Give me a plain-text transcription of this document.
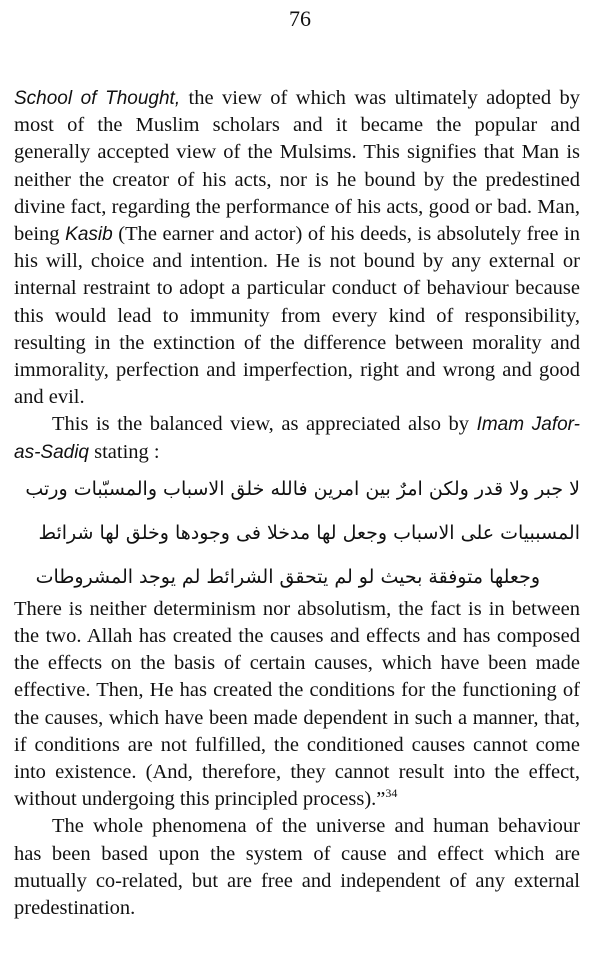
76

School of Thought, the view of which was ultimately adopted by most of the Muslim scholars and it became the popular and generally accepted view of the Mulsims. This signifies that Man is neither the creator of his acts, nor is he bound by the predestined divine fact, regarding the performance of his acts, good or bad. Man, being Kasib (The earner and actor) of his deeds, is absolutely free in his will, choice and intention. He is not bound by any external or internal restraint to adopt a particular conduct of behaviour because this would lead to immunity from every kind of responsibility, resulting in the extinction of the difference between morality and immorality, perfection and imperfection, right and wrong and good and evil.

This is the balanced view, as appreciated also by Imam Jafor-as-Sadiq stating :

لا جبر ولا قدر ولكن امرٌ بين امرين فالله خلق الاسباب والمسبّبات ورتب

المسببيات على الاسباب وجعل لها مدخلا فى وجودها وخلق لها شرائط

وجعلها متوفقة بحيث لو لم يتحقق الشرائط لم يوجد المشروطات

There is neither determinism nor absolutism, the fact is in between the two. Allah has created the causes and effects and has composed the effects on the basis of certain causes, which have been made effective. Then, He has created the conditions for the functioning of the causes, which have been made dependent in such a manner, that, if conditions are not fulfilled, the conditioned causes cannot come into existence. (And, therefore, they cannot result into the effect, without undergoing this principled process).”$^{34}$

The whole phenomena of the universe and human behaviour has been based upon the system of cause and effect which are mutually co-related, but are free and independent of any external predestination.
